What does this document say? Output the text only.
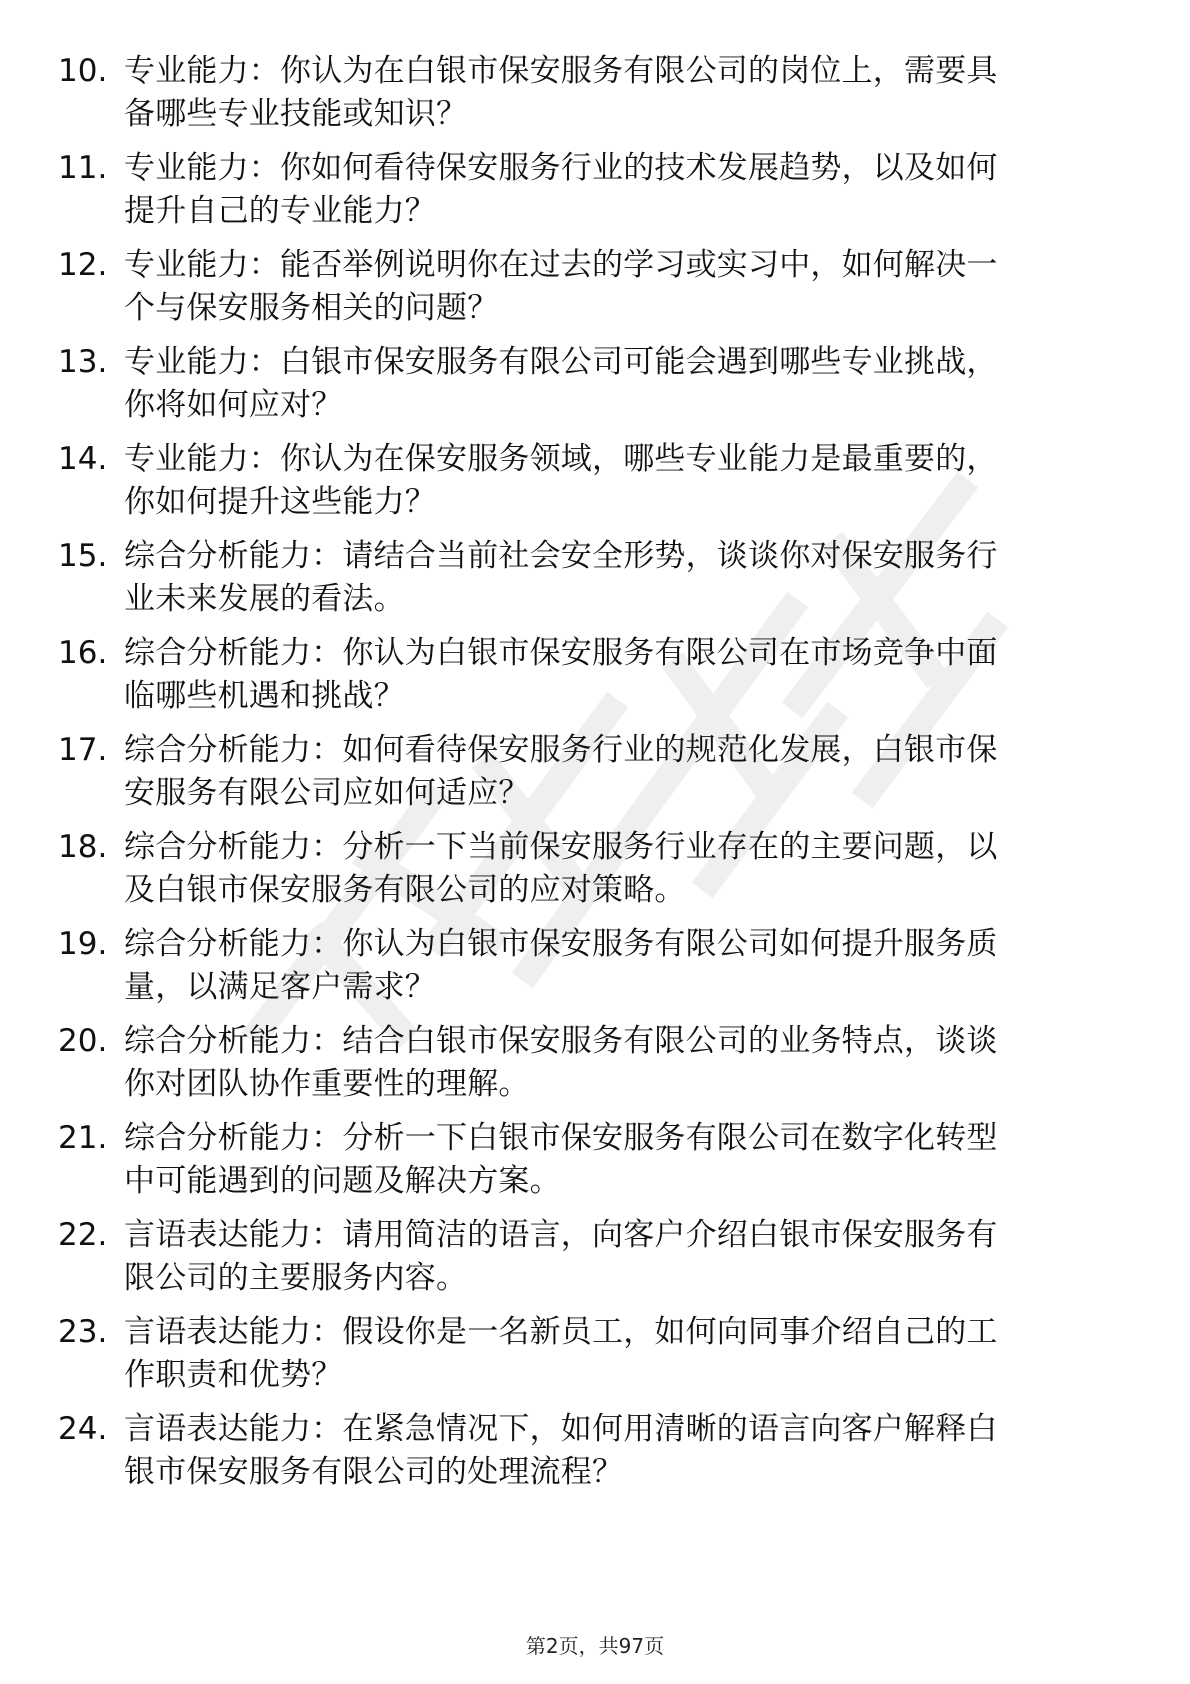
10. 专业能力：你认为在白银市保安服务有限公司的岗位上，需要具
备哪些专业技能或知识？
11. 专业能力：你如何看待保安服务行业的技术发展趋势，以及如何
提升自己的专业能力？
12. 专业能力：能否举例说明你在过去的学习或实习中，如何解决一
个与保安服务相关的问题？
13. 专业能力：白银市保安服务有限公司可能会遇到哪些专业挑战，
你将如何应对？
14. 专业能力：你认为在保安服务领域，哪些专业能力是最重要的，
你如何提升这些能力？
15. 综合分析能力：请结合当前社会安全形势，谈谈你对保安服务行
业未来发展的看法。
16. 综合分析能力：你认为白银市保安服务有限公司在市场竞争中面
临哪些机遇和挑战？
17. 综合分析能力：如何看待保安服务行业的规范化发展，白银市保
安服务有限公司应如何适应？
18. 综合分析能力：分析一下当前保安服务行业存在的主要问题，以
及白银市保安服务有限公司的应对策略。
19. 综合分析能力：你认为白银市保安服务有限公司如何提升服务质
量，以满足客户需求？
20. 综合分析能力：结合白银市保安服务有限公司的业务特点，谈谈
你对团队协作重要性的理解。
21. 综合分析能力：分析一下白银市保安服务有限公司在数字化转型
中可能遇到的问题及解决方案。
22. 言语表达能力：请用简洁的语言，向客户介绍白银市保安服务有
限公司的主要服务内容。
23. 言语表达能力：假设你是一名新员工，如何向同事介绍自己的工
作职责和优势？
24. 言语表达能力：在紧急情况下，如何用清晰的语言向客户解释白
银市保安服务有限公司的处理流程？
第2页，共97页
